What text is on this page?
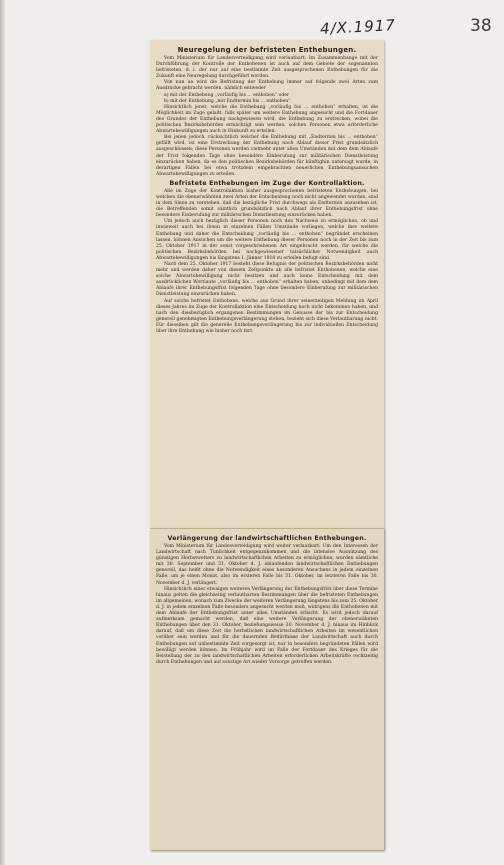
4/X.1917	38
Neuregelung der befristeten Enthebungen.

Vom Ministerium für Landesverteidigung wird verlautbart: Im Zusammenhange mit der Durchführung der Kontrolle der Enthobenen ist auch auf dem Gebiete der sogenannten befristeten, d. i. der nur auf eine bestimmte Zeit ausgesprochenen Enthebungen für die Zukunft eine Neuregelung durchgeführt worden.

Von nun an wird die Befristung der Enthebung immer auf folgende zwei Arten zum Ausdrucke gebracht werden, nämlich entweder

a) mit der Enthebung „vorläufig bis ... enthoben“ oder

b) mit der Enthebung „mit Endtermin bis ... enthoben“.

Hinsichtlich jener, welche die Enthebung „vorläufig bis ... enthoben“ erhalten, ist die Möglichkeit im Zuge gelaßt, falls später um weitere Enthebung angesucht und die Fortdauer des Grundes der Enthebung nachgewiesen wird, die Enthebung zu erstrecken, wobei die politischen Bezirksbehörden ermächtigt sein werden, solchen Personen etwa erforderliche Abwartebewilligungen auch in Hinkunft zu erteilen.

Bei jenen jedoch, rücksichtlich welcher die Enthebung mit „Endtermin bis ... enthoben“ gefällt wird, ist eine Erstreckung der Enthebung nach Ablauf dieser Frist grundsätzlich ausgeschlossen; diese Personen werden vielmehr unter allen Umständen mit dem dem Ablaufe der Frist folgenden Tage ohne besondere Einberufung zur militärischen Dienstleistung einzurücken haben, da es den politischen Bezirksbehörden für künftighin untersagt wurde, in derartigen Fällen bei etwa trotzdem eingebrachten neuerlichen Enthebungsansuchen Abwartebewilligungen zu erteilen.

Befristete Enthebungen im Zuge der Kontrollaktion.

Alle im Zuge der Kontrollaktion bisher ausgesprochenen befristeten Enthebungen, bei welchen die obenerwähnten zwei Arten der Entscheidung noch nicht angewendet wurden, sind in dem Sinne zu verstehen, daß die bezügliche Frist durchwegs als Endtermin anzusehen ist, die Betreffenden somit sämtlich grundsätzlich nach Ablauf ihrer Enthebungsfrist ohne besondere Einberufung zur militärischen Dienstleistung einzurücken haben.

Um jedoch auch bezüglich dieser Personen noch den Nachweis zu ermöglichen, ob und inwieweit auch bei ihnen in einzelnen Fällen Umstände vorliegen, welche ihre weitere Enthebung und daher die Entscheidung „vorläufig bis ... enthoben“ begründet erscheinen lassen, können Ansuchen um die weitere Enthebung dieser Personen noch in der Zeit bis zum 25. Oktober 1917 in der sonst vorgeschriebenen Art eingebracht werden, für welche die politischen Bezirksbehörden bei nachgewiesener tatsächlicher Notwendigkeit auch Abwartebewilligungen bis längstens 1. Jänner 1918 zu erteilen befugt sind.

Nach dem 25. Oktober 1917 besteht diese Befugnis der politischen Bezirksbehörden nicht mehr und werden daher von diesem Zeitpunkte ab alle befristet Enthobenen, welche eine solche Abwartebewilligung nicht besitzen und auch keine Entscheidung mit dem ausdrücklichen Wortlaute „vorläufig bis ... enthoben“ erhalten haben, unbedingt mit dem dem Ablaufe ihrer Enthebungsfrist folgenden Tage ohne besondere Einberufung zur militärischen Dienstleistung einzurücken haben.

Auf solche befristet Enthobene, welche aus Grund ihrer seinerzeitigen Meldung im April dieses Jahres im Zuge der Kontrollaktion eine Entscheidung noch nicht bekommen haben, und nach den diesbezüglich ergangenen Bestimmungen im Genusse der bis zur Entscheidung generell genehmigten Enthebungsverlängerung stehen, bezieht sich diese Verlautbarung nicht. Für dieselben gilt die generelle Enthebungsverlängerung bis zur individuellen Entscheidung über ihre Enthebung wie bisher noch fort.

Verlängerung der landwirtschaftlichen Enthebungen.

Vom Ministerium für Landesverteidigung wird weiter verlautbart: Um den Interessen der Landwirtschaft nach Tunlichkeit entgegenzukommen und die intensive Ausnützung des günstigen Herbstwetters zu landwirtschaftlichen Arbeiten zu ermöglichen, wurden sämtliche mit 30. September und 31. Oktober d. J. ablaufenden landwirtschaftlichen Enthebungen generell, das heißt ohne die Notwendigkeit eines besonderen Ansuchens in jedem einzelnen Falle, um je einen Monat, also im ersteren Falle bis 31. Oktober, im letzteren Falle bis 30. November d. J. verlängert.

Hinsichtlich einer etwaigen weiteren Verlängerung der Enthebungsfrist über diese Termine hinaus gelten die gleichzeitig verlautbarten Bestimmungen über die befristeten Enthebungen im allgemeinen, wonach zum Zwecke der weiteren Verlängerung längstens bis zum 25. Oktober d. J. in jedem einzelnen Falle besonders angesucht werden muß, widrigens die Enthobenen mit dem Ablaufe der Enthebungsfrist unter allen Umständen erlischt. Es wird jedoch darauf aufmerksam gemacht werden, daß eine weitere Verlängerung der obenerwähnten Enthebungen über den 31. Oktober, beziehungsweise 30. November d. J. hinaus im Hinblick darauf, daß um diese Zeit die herbstlichen landwirtschaftlichen Arbeiten im wesentlichen vorüber sein werden und für die dauernden Bedürfnisse der Landwirtschaft auch durch Enthebungen auf unbestimmte Zeit vorgesorgt ist, nur in besonders begründeten Fällen wird bewilligt werden können. Im Frühjahr wird im Falle der Fortdauer des Krieges für die Beistellung der zu den landwirtschaftlichen Arbeiten erforderlichen Arbeitskräfte rechtzeitig durch Enthebungen und auf sonstige Art wieder Vorsorge getroffen werden.
